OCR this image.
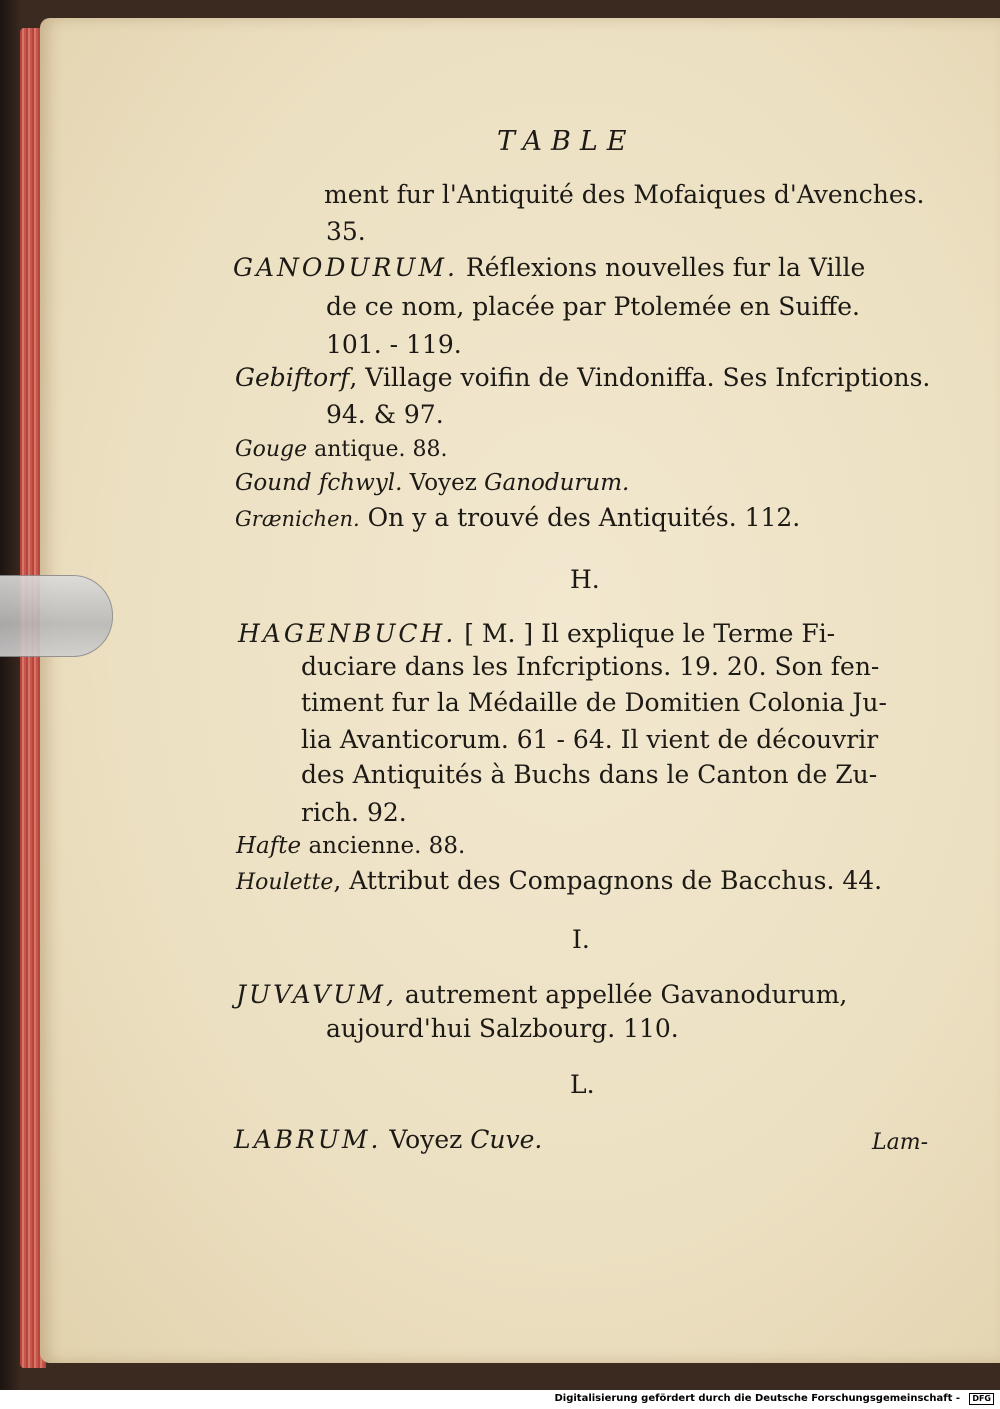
TABLE
ment fur l'Antiquité des Mofaiques d'Avenches.
35.
GANODURUM. Réflexions nouvelles fur la Ville
de ce nom, placée par Ptolemée en Suiffe.
101. - 119.
Gebiftorf, Village voifin de Vindoniffa. Ses Infcriptions.
94. & 97.
Gouge antique. 88.
Gound fchwyl. Voyez Ganodurum.
Grænichen. On y a trouvé des Antiquités. 112.
H.
HAGENBUCH. [ M. ] Il explique le Terme Fi-
duciare dans les Infcriptions. 19. 20. Son fen-
timent fur la Médaille de Domitien Colonia Ju-
lia Avanticorum. 61 - 64. Il vient de découvrir
des Antiquités à Buchs dans le Canton de Zu-
rich. 92.
Hafte ancienne. 88.
Houlette, Attribut des Compagnons de Bacchus. 44.
I.
JUVAVUM, autrement appellée Gavanodurum,
aujourd'hui Salzbourg. 110.
L.
LABRUM. Voyez Cuve.	Lam-
Digitalisierung gefördert durch die Deutsche Forschungsgemeinschaft -	DFG
